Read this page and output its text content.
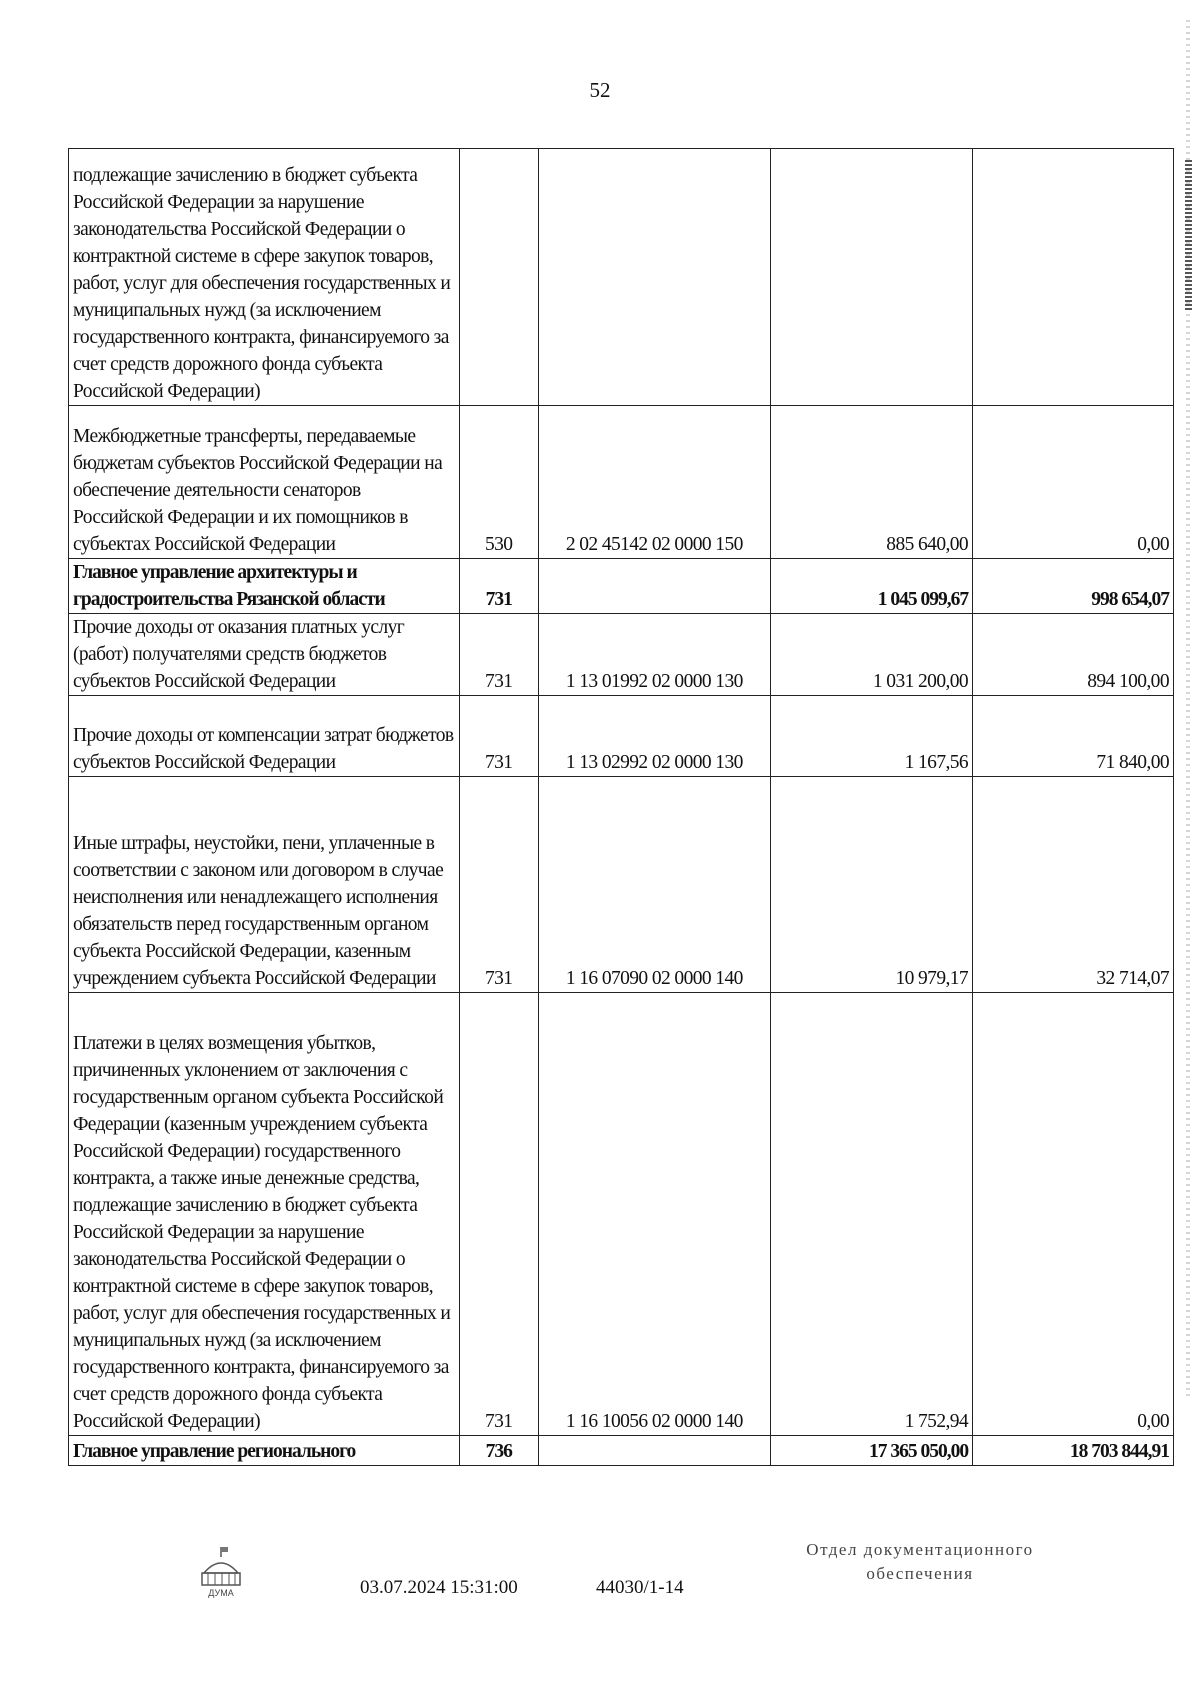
52
подлежащие зачислению в бюджет субъекта Российской Федерации за нарушение законодательства Российской Федерации о контрактной системе в сфере закупок товаров, работ, услуг для обеспечения государственных и муниципальных нужд (за исключением государственного контракта, финансируемого за счет средств дорожного фонда субъекта Российской Федерации)				
Межбюджетные трансферты, передаваемые бюджетам субъектов Российской Федерации на обеспечение деятельности сенаторов Российской Федерации и их помощников в субъектах Российской Федерации	530	2 02 45142 02 0000 150	885 640,00	0,00
Главное управление архитектуры и градостроительства Рязанской области	731		1 045 099,67	998 654,07
Прочие доходы от оказания платных услуг (работ) получателями средств бюджетов субъектов Российской Федерации	731	1 13 01992 02 0000 130	1 031 200,00	894 100,00
Прочие доходы от компенсации затрат бюджетов субъектов Российской Федерации	731	1 13 02992 02 0000 130	1 167,56	71 840,00
Иные штрафы, неустойки, пени, уплаченные в соответствии с законом или договором в случае неисполнения или ненадлежащего исполнения обязательств перед государственным органом субъекта Российской Федерации, казенным учреждением субъекта Российской Федерации	731	1 16 07090 02 0000 140	10 979,17	32 714,07
Платежи в целях возмещения убытков, причиненных уклонением от заключения с государственным органом субъекта Российской Федерации (казенным учреждением субъекта Российской Федерации) государственного контракта, а также иные денежные средства, подлежащие зачислению в бюджет субъекта Российской Федерации за нарушение законодательства Российской Федерации о контрактной системе в сфере закупок товаров, работ, услуг для обеспечения государственных и муниципальных нужд (за исключением государственного контракта, финансируемого за счет средств дорожного фонда субъекта Российской Федерации)	731	1 16 10056 02 0000 140	1 752,94	0,00
Главное управление регионального	736		17 365 050,00	18 703 844,91
ДУМА	03.07.2024 15:31:00	44030/1-14
Отдел документационного
обеспечения
